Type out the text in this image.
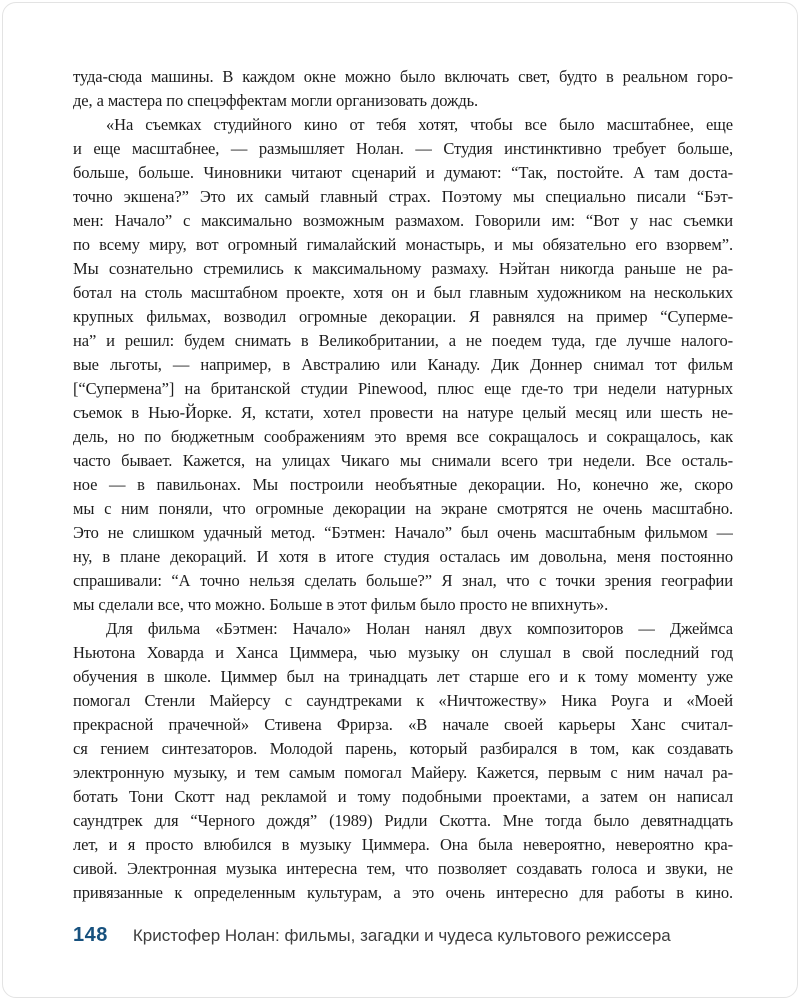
туда-сюда машины. В каждом окне можно было включать свет, будто в реальном горо-
де, а мастера по спецэффектам могли организовать дождь.
«На съемках студийного кино от тебя хотят, чтобы все было масштабнее, еще
и еще масштабнее, — размышляет Нолан. — Студия инстинктивно требует больше,
больше, больше. Чиновники читают сценарий и думают: “Так, постойте. А там доста-
точно экшена?” Это их самый главный страх. Поэтому мы специально писали “Бэт-
мен: Начало” с максимально возможным размахом. Говорили им: “Вот у нас съемки
по всему миру, вот огромный гималайский монастырь, и мы обязательно его взорвем”.
Мы сознательно стремились к максимальному размаху. Нэйтан никогда раньше не ра-
ботал на столь масштабном проекте, хотя он и был главным художником на нескольких
крупных фильмах, возводил огромные декорации. Я равнялся на пример “Суперме-
на” и решил: будем снимать в Великобритании, а не поедем туда, где лучше налого-
вые льготы, — например, в Австралию или Канаду. Дик Доннер снимал тот фильм
[“Супермена”] на британской студии Pinewood, плюс еще где-то три недели натурных
съемок в Нью-Йорке. Я, кстати, хотел провести на натуре целый месяц или шесть не-
дель, но по бюджетным соображениям это время все сокращалось и сокращалось, как
часто бывает. Кажется, на улицах Чикаго мы снимали всего три недели. Все осталь-
ное — в павильонах. Мы построили необъятные декорации. Но, конечно же, скоро
мы с ним поняли, что огромные декорации на экране смотрятся не очень масштабно.
Это не слишком удачный метод. “Бэтмен: Начало” был очень масштабным фильмом —
ну, в плане декораций. И хотя в итоге студия осталась им довольна, меня постоянно
спрашивали: “А точно нельзя сделать больше?” Я знал, что с точки зрения географии
мы сделали все, что можно. Больше в этот фильм было просто не впихнуть».
Для фильма «Бэтмен: Начало» Нолан нанял двух композиторов — Джеймса
Ньютона Ховарда и Ханса Циммера, чью музыку он слушал в свой последний год
обучения в школе. Циммер был на тринадцать лет старше его и к тому моменту уже
помогал Стенли Майерсу с саундтреками к «Ничтожеству» Ника Роуга и «Моей
прекрасной прачечной» Стивена Фрирза. «В начале своей карьеры Ханс считал-
ся гением синтезаторов. Молодой парень, который разбирался в том, как создавать
электронную музыку, и тем самым помогал Майеру. Кажется, первым с ним начал ра-
ботать Тони Скотт над рекламой и тому подобными проектами, а затем он написал
саундтрек для “Черного дождя” (1989) Ридли Скотта. Мне тогда было девятнадцать
лет, и я просто влюбился в музыку Циммера. Она была невероятно, невероятно кра-
сивой. Электронная музыка интересна тем, что позволяет создавать голоса и звуки, не
привязанные к определенным культурам, а это очень интересно для работы в кино.
148 Кристофер Нолан: фильмы, загадки и чудеса культового режиссера
